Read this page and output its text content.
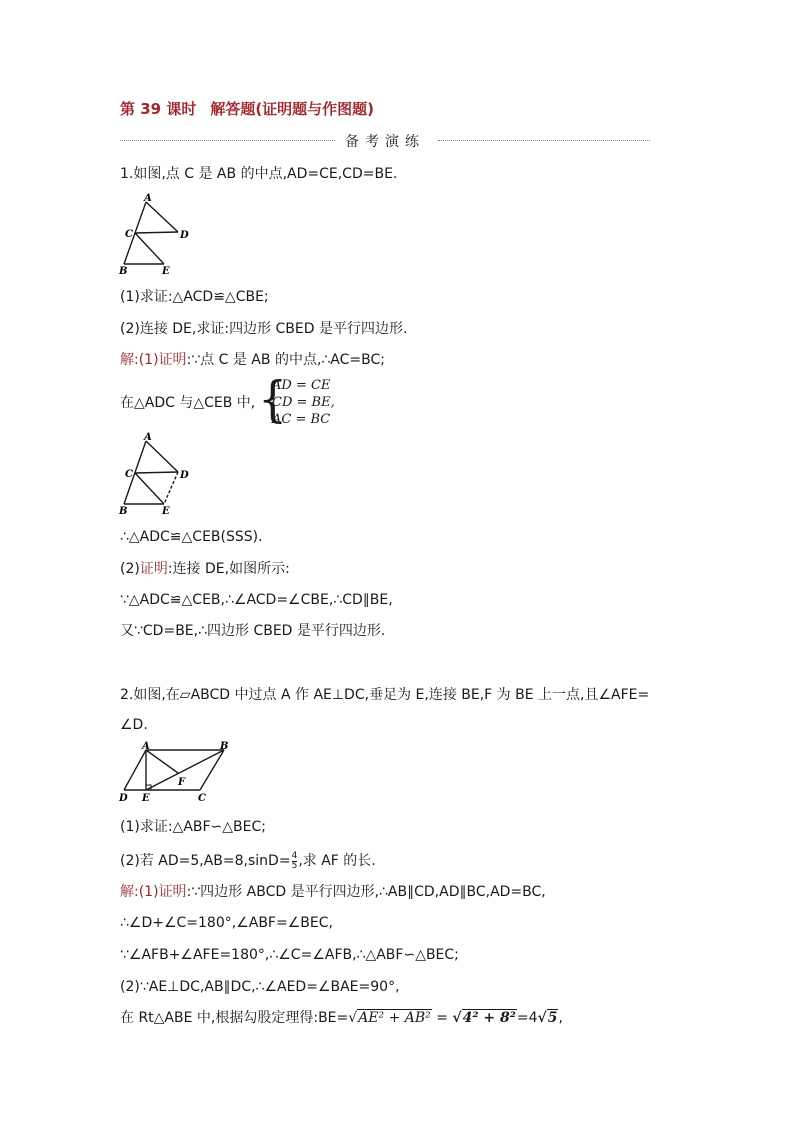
第 39 课时 解答题(证明题与作图题)
备考演练
1.如图,点 C 是 AB 的中点,AD=CE,CD=BE.
A
C	D
B	E
(1)求证:△ACD≌△CBE;
(2)连接 DE,求证:四边形 CBED 是平行四边形.
解:(1)证明:∵点 C 是 AB 的中点,∴AC=BC;
在△ADC 与△CEB 中, {
AD = CE
CD = BE,
AC = BC
A
C	D
B	E
∴△ADC≌△CEB(SSS).
(2)证明:连接 DE,如图所示:
∵△ADC≌△CEB,∴∠ACD=∠CBE,∴CD∥BE,
又∵CD=BE,∴四边形 CBED 是平行四边形.
2.如图,在▱ABCD 中过点 A 作 AE⊥DC,垂足为 E,连接 BE,F 为 BE 上一点,且∠AFE=
∠D.
A	B
F
D E	C
(1)求证:△ABF∽△BEC;
(2)若 $AD=5,AB=8,\sin D= \frac{4}{5}$ ,求 AF 的长.
解:(1)证明:∵四边形 ABCD 是平行四边形,∴AB∥CD,AD∥BC,AD=BC,
∴∠D+∠C=180°,∠ABF=∠BEC,
∵∠AFB+∠AFE=180°,∴∠C=∠AFB,∴△ABF∽△BEC;
(2)∵AE⊥DC,AB∥DC,∴∠AED=∠BAE=90°,
在 Rt△ABE 中,根据勾股定理得:BE=√AE² + AB² = √4² + 8²=4√5,
